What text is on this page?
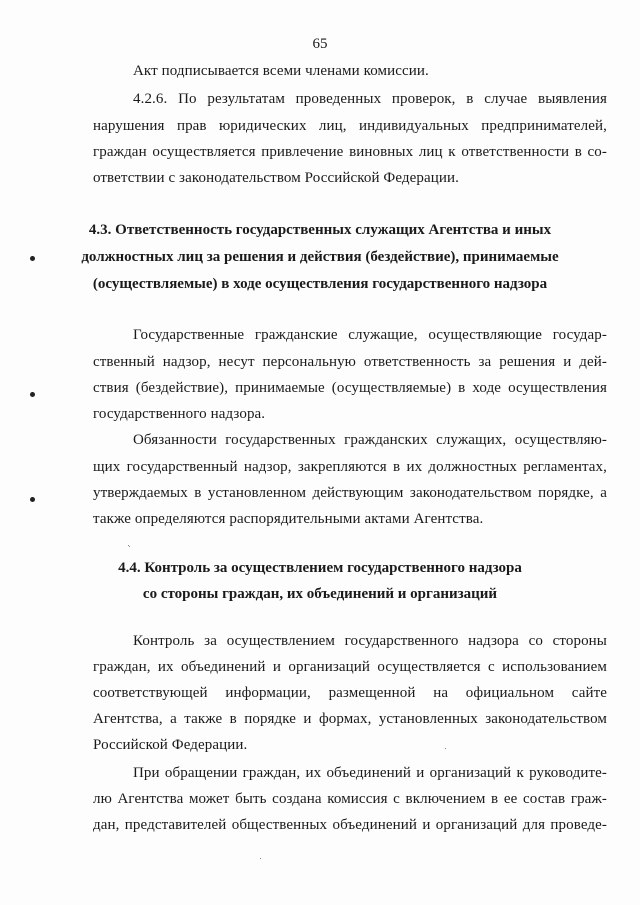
65
Акт подписывается всеми членами комиссии.
4.2.6. По результатам проведенных проверок, в случае выявления
нарушения прав юридических лиц, индивидуальных предпринимателей,
граждан осуществляется привлечение виновных лиц к ответственности в со-
ответствии с законодательством Российской Федерации.
4.3. Ответственность государственных служащих Агентства и иных
должностных лиц за решения и действия (бездействие), принимаемые
(осуществляемые) в ходе осуществления государственного надзора
Государственные гражданские служащие, осуществляющие государ-
ственный надзор, несут персональную ответственность за решения и дей-
ствия (бездействие), принимаемые (осуществляемые) в ходе осуществления
государственного надзора.
Обязанности государственных гражданских служащих, осуществляю-
щих государственный надзор, закрепляются в их должностных регламентах,
утверждаемых в установленном действующим законодательством порядке, а
также определяются распорядительными актами Агентства.
4.4. Контроль за осуществлением государственного надзора
со стороны граждан, их объединений и организаций
Контроль за осуществлением государственного надзора со стороны
граждан, их объединений и организаций осуществляется с использованием
соответствующей информации, размещенной на официальном сайте
Агентства, а также в порядке и формах, установленных законодательством
Российской Федерации.
При обращении граждан, их объединений и организаций к руководите-
лю Агентства может быть создана комиссия с включением в ее состав граж-
дан, представителей общественных объединений и организаций для проведе-
